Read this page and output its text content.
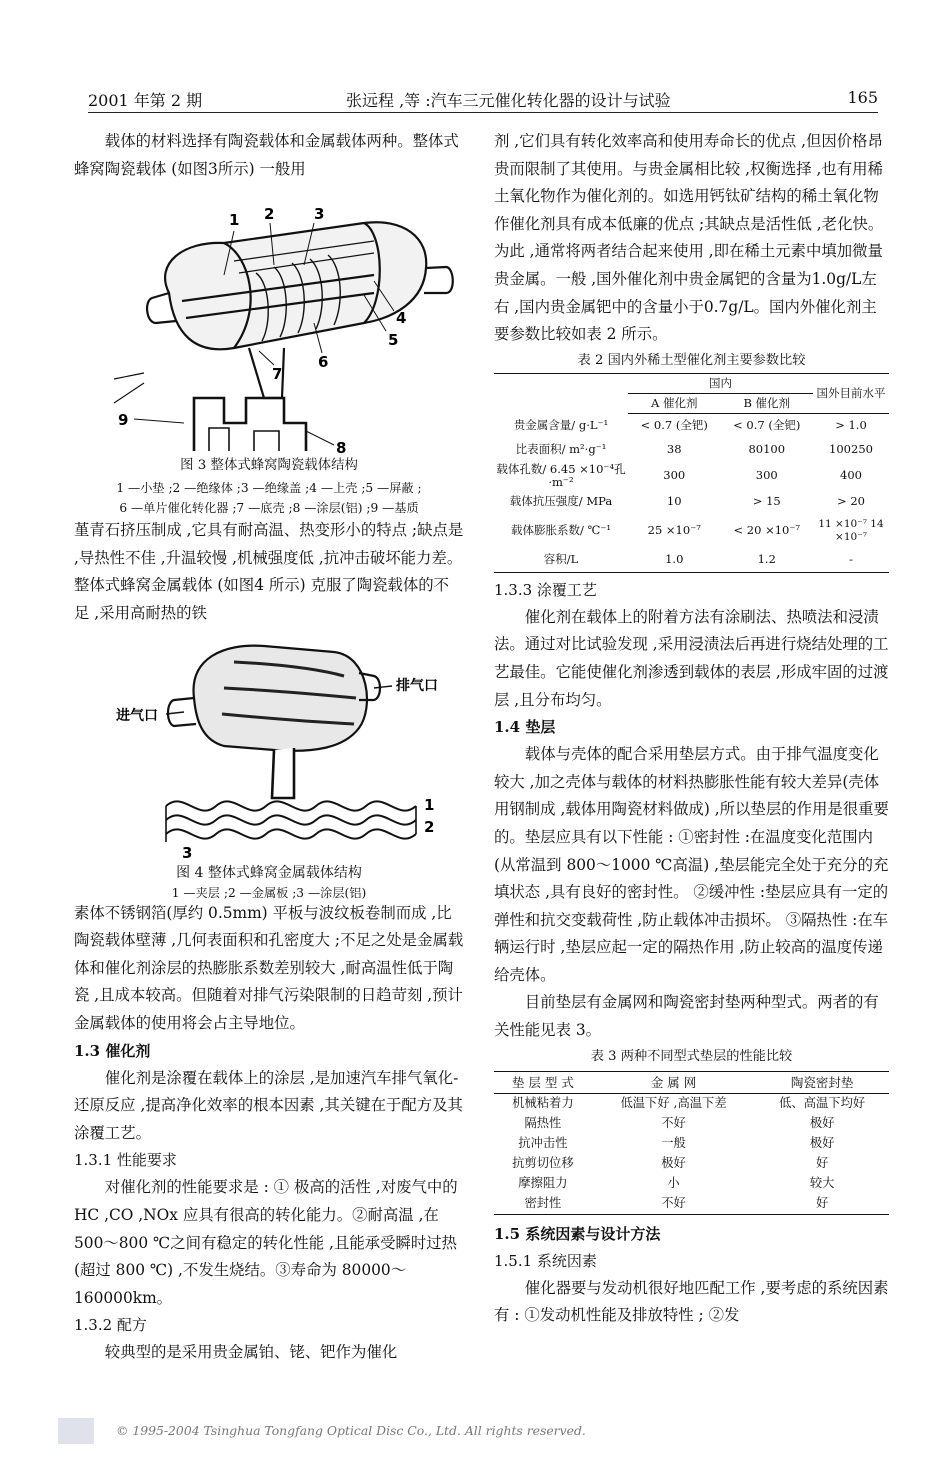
2001 年第 2 期	张远程 ,等 :汽车三元催化转化器的设计与试验	165

载体的材料选择有陶瓷载体和金属载体两种。整体式蜂窝陶瓷载体 (如图3所示) 一般用

1 2	3
4
5
6
7
8
9
图 3 整体式蜂窝陶瓷载体结构
1 —小垫 ;2 —绝缘体 ;3 —绝缘盖 ;4 —上壳 ;5 —屏蔽 ;
6 —单片催化转化器 ;7 —底壳 ;8 —涂层(铝) ;9 —基质

堇青石挤压制成 ,它具有耐高温、热变形小的特点 ;缺点是 ,导热性不佳 ,升温较慢 ,机械强度低 ,抗冲击破坏能力差。整体式蜂窝金属载体 (如图4 所示) 克服了陶瓷载体的不足 ,采用高耐热的铁

排气口
进气口
1
2
3
图 4 整体式蜂窝金属载体结构
1 —夹层 ;2 —金属板 ;3 —涂层(铝)

素体不锈钢箔(厚约 0.5mm) 平板与波纹板卷制而成 ,比陶瓷载体壁薄 ,几何表面积和孔密度大 ;不足之处是金属载体和催化剂涂层的热膨胀系数差别较大 ,耐高温性低于陶瓷 ,且成本较高。但随着对排气污染限制的日趋苛刻 ,预计金属载体的使用将会占主导地位。

1.3 催化剂

催化剂是涂覆在载体上的涂层 ,是加速汽车排气氧化-还原反应 ,提高净化效率的根本因素 ,其关键在于配方及其涂覆工艺。

1.3.1 性能要求

对催化剂的性能要求是 : ① 极高的活性 ,对废气中的 HC ,CO ,NOx 应具有很高的转化能力。②耐高温 ,在 500～800 ℃之间有稳定的转化性能 ,且能承受瞬时过热 (超过 800 ℃) ,不发生烧结。③寿命为 80000～160000km。

1.3.2 配方

较典型的是采用贵金属铂、铑、钯作为催化

剂 ,它们具有转化效率高和使用寿命长的优点 ,但因价格昂贵而限制了其使用。与贵金属相比较 ,权衡选择 ,也有用稀土氧化物作为催化剂的。如选用钙钛矿结构的稀土氧化物作催化剂具有成本低廉的优点 ;其缺点是活性低 ,老化快。为此 ,通常将两者结合起来使用 ,即在稀土元素中填加微量贵金属。一般 ,国外催化剂中贵金属钯的含量为1.0g/L左右 ,国内贵金属钯中的含量小于0.7g/L。国内外催化剂主要参数比较如表 2 所示。

表 2 国内外稀土型催化剂主要参数比较
	国内		国外目前水平
	A 催化剂	B 催化剂	
贵金属含量/ g·L⁻¹	< 0.7 (全钯)	< 0.7 (全钯)	> 1.0
比表面积/ m²·g⁻¹	38	80100	100250
载体孔数/ 6.45 ×10⁻⁴孔·m⁻²	300	300	400
载体抗压强度/ MPa	10	> 15	> 20
载体膨胀系数/ ℃⁻¹	25 ×10⁻⁷	< 20 ×10⁻⁷	11 ×10⁻⁷ 14 ×10⁻⁷
容积/L	1.0	1.2	-

1.3.3 涂覆工艺

催化剂在载体上的附着方法有涂刷法、热喷法和浸渍法。通过对比试验发现 ,采用浸渍法后再进行烧结处理的工艺最佳。它能使催化剂渗透到载体的表层 ,形成牢固的过渡层 ,且分布均匀。

1.4 垫层

载体与壳体的配合采用垫层方式。由于排气温度变化较大 ,加之壳体与载体的材料热膨胀性能有较大差异(壳体用钢制成 ,载体用陶瓷材料做成) ,所以垫层的作用是很重要的。垫层应具有以下性能 : ①密封性 :在温度变化范围内 (从常温到 800～1000 ℃高温) ,垫层能完全处于充分的充填状态 ,具有良好的密封性。 ②缓冲性 :垫层应具有一定的弹性和抗交变载荷性 ,防止载体冲击损坏。 ③隔热性 :在车辆运行时 ,垫层应起一定的隔热作用 ,防止较高的温度传递给壳体。

目前垫层有金属网和陶瓷密封垫两种型式。两者的有关性能见表 3。

表 3 两种不同型式垫层的性能比较
垫 层 型 式	金 属 网	陶瓷密封垫
机械粘着力	低温下好 ,高温下差	低、高温下均好
隔热性	不好	极好
抗冲击性	一般	极好
抗剪切位移	极好	好
摩擦阻力	小	较大
密封性	不好	好

1.5 系统因素与设计方法

1.5.1 系统因素

催化器要与发动机很好地匹配工作 ,要考虑的系统因素有 : ①发动机性能及排放特性 ; ②发

© 1995-2004 Tsinghua Tongfang Optical Disc Co., Ltd. All rights reserved.
